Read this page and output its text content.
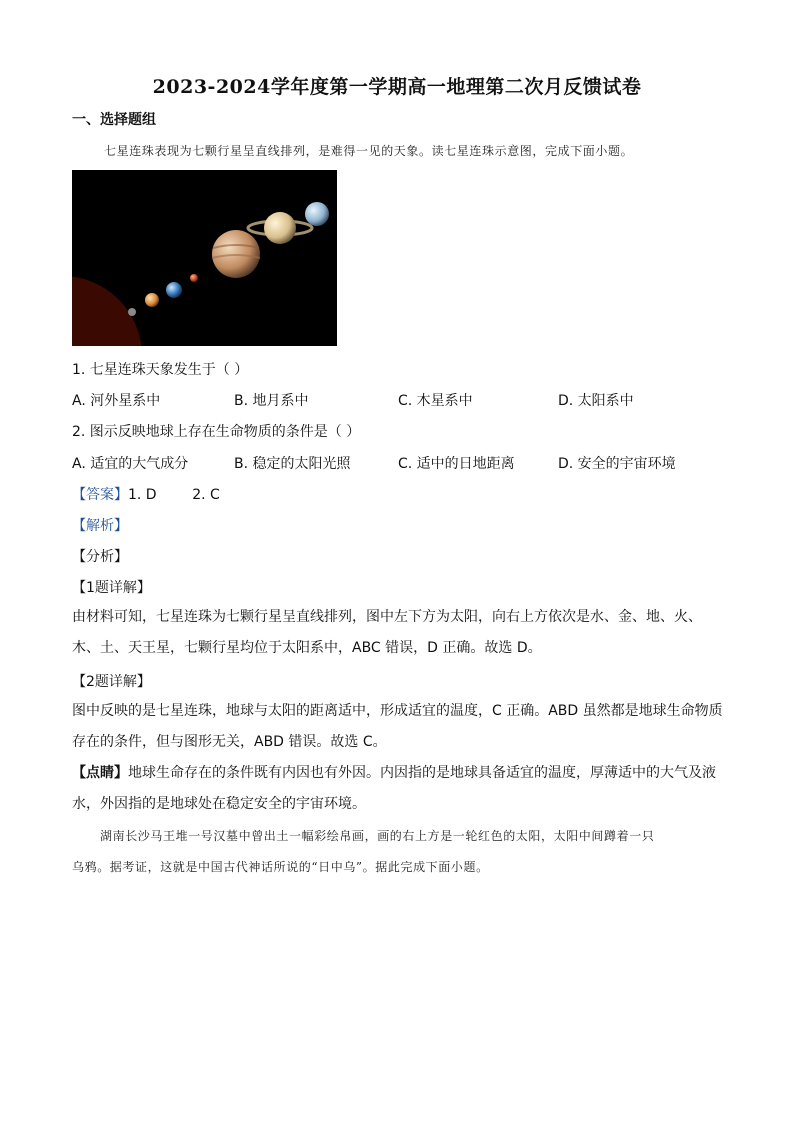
2023-2024学年度第一学期高一地理第二次月反馈试卷
一、选择题组
七星连珠表现为七颗行星呈直线排列，是难得一见的天象。读七星连珠示意图，完成下面小题。
1. 七星连珠天象发生于（ ）
A. 河外星系中	B. 地月系中	C. 木星系中	D. 太阳系中
2. 图示反映地球上存在生命物质的条件是（ ）
A. 适宜的大气成分	B. 稳定的太阳光照	C. 适中的日地距离	D. 安全的宇宙环境
【答案】1. D        2. C
【解析】
【分析】
【1题详解】
由材料可知，七星连珠为七颗行星呈直线排列，图中左下方为太阳，向右上方依次是水、金、地、火、
木、土、天王星，七颗行星均位于太阳系中，ABC 错误，D 正确。故选 D。
【2题详解】
图中反映的是七星连珠，地球与太阳的距离适中，形成适宜的温度，C 正确。ABD 虽然都是地球生命物质
存在的条件，但与图形无关，ABD 错误。故选 C。
【点睛】地球生命存在的条件既有内因也有外因。内因指的是地球具备适宜的温度，厚薄适中的大气及液
水，外因指的是地球处在稳定安全的宇宙环境。
湖南长沙马王堆一号汉墓中曾出土一幅彩绘帛画，画的右上方是一轮红色的太阳，太阳中间蹲着一只
乌鸦。据考证，这就是中国古代神话所说的“日中乌”。据此完成下面小题。
